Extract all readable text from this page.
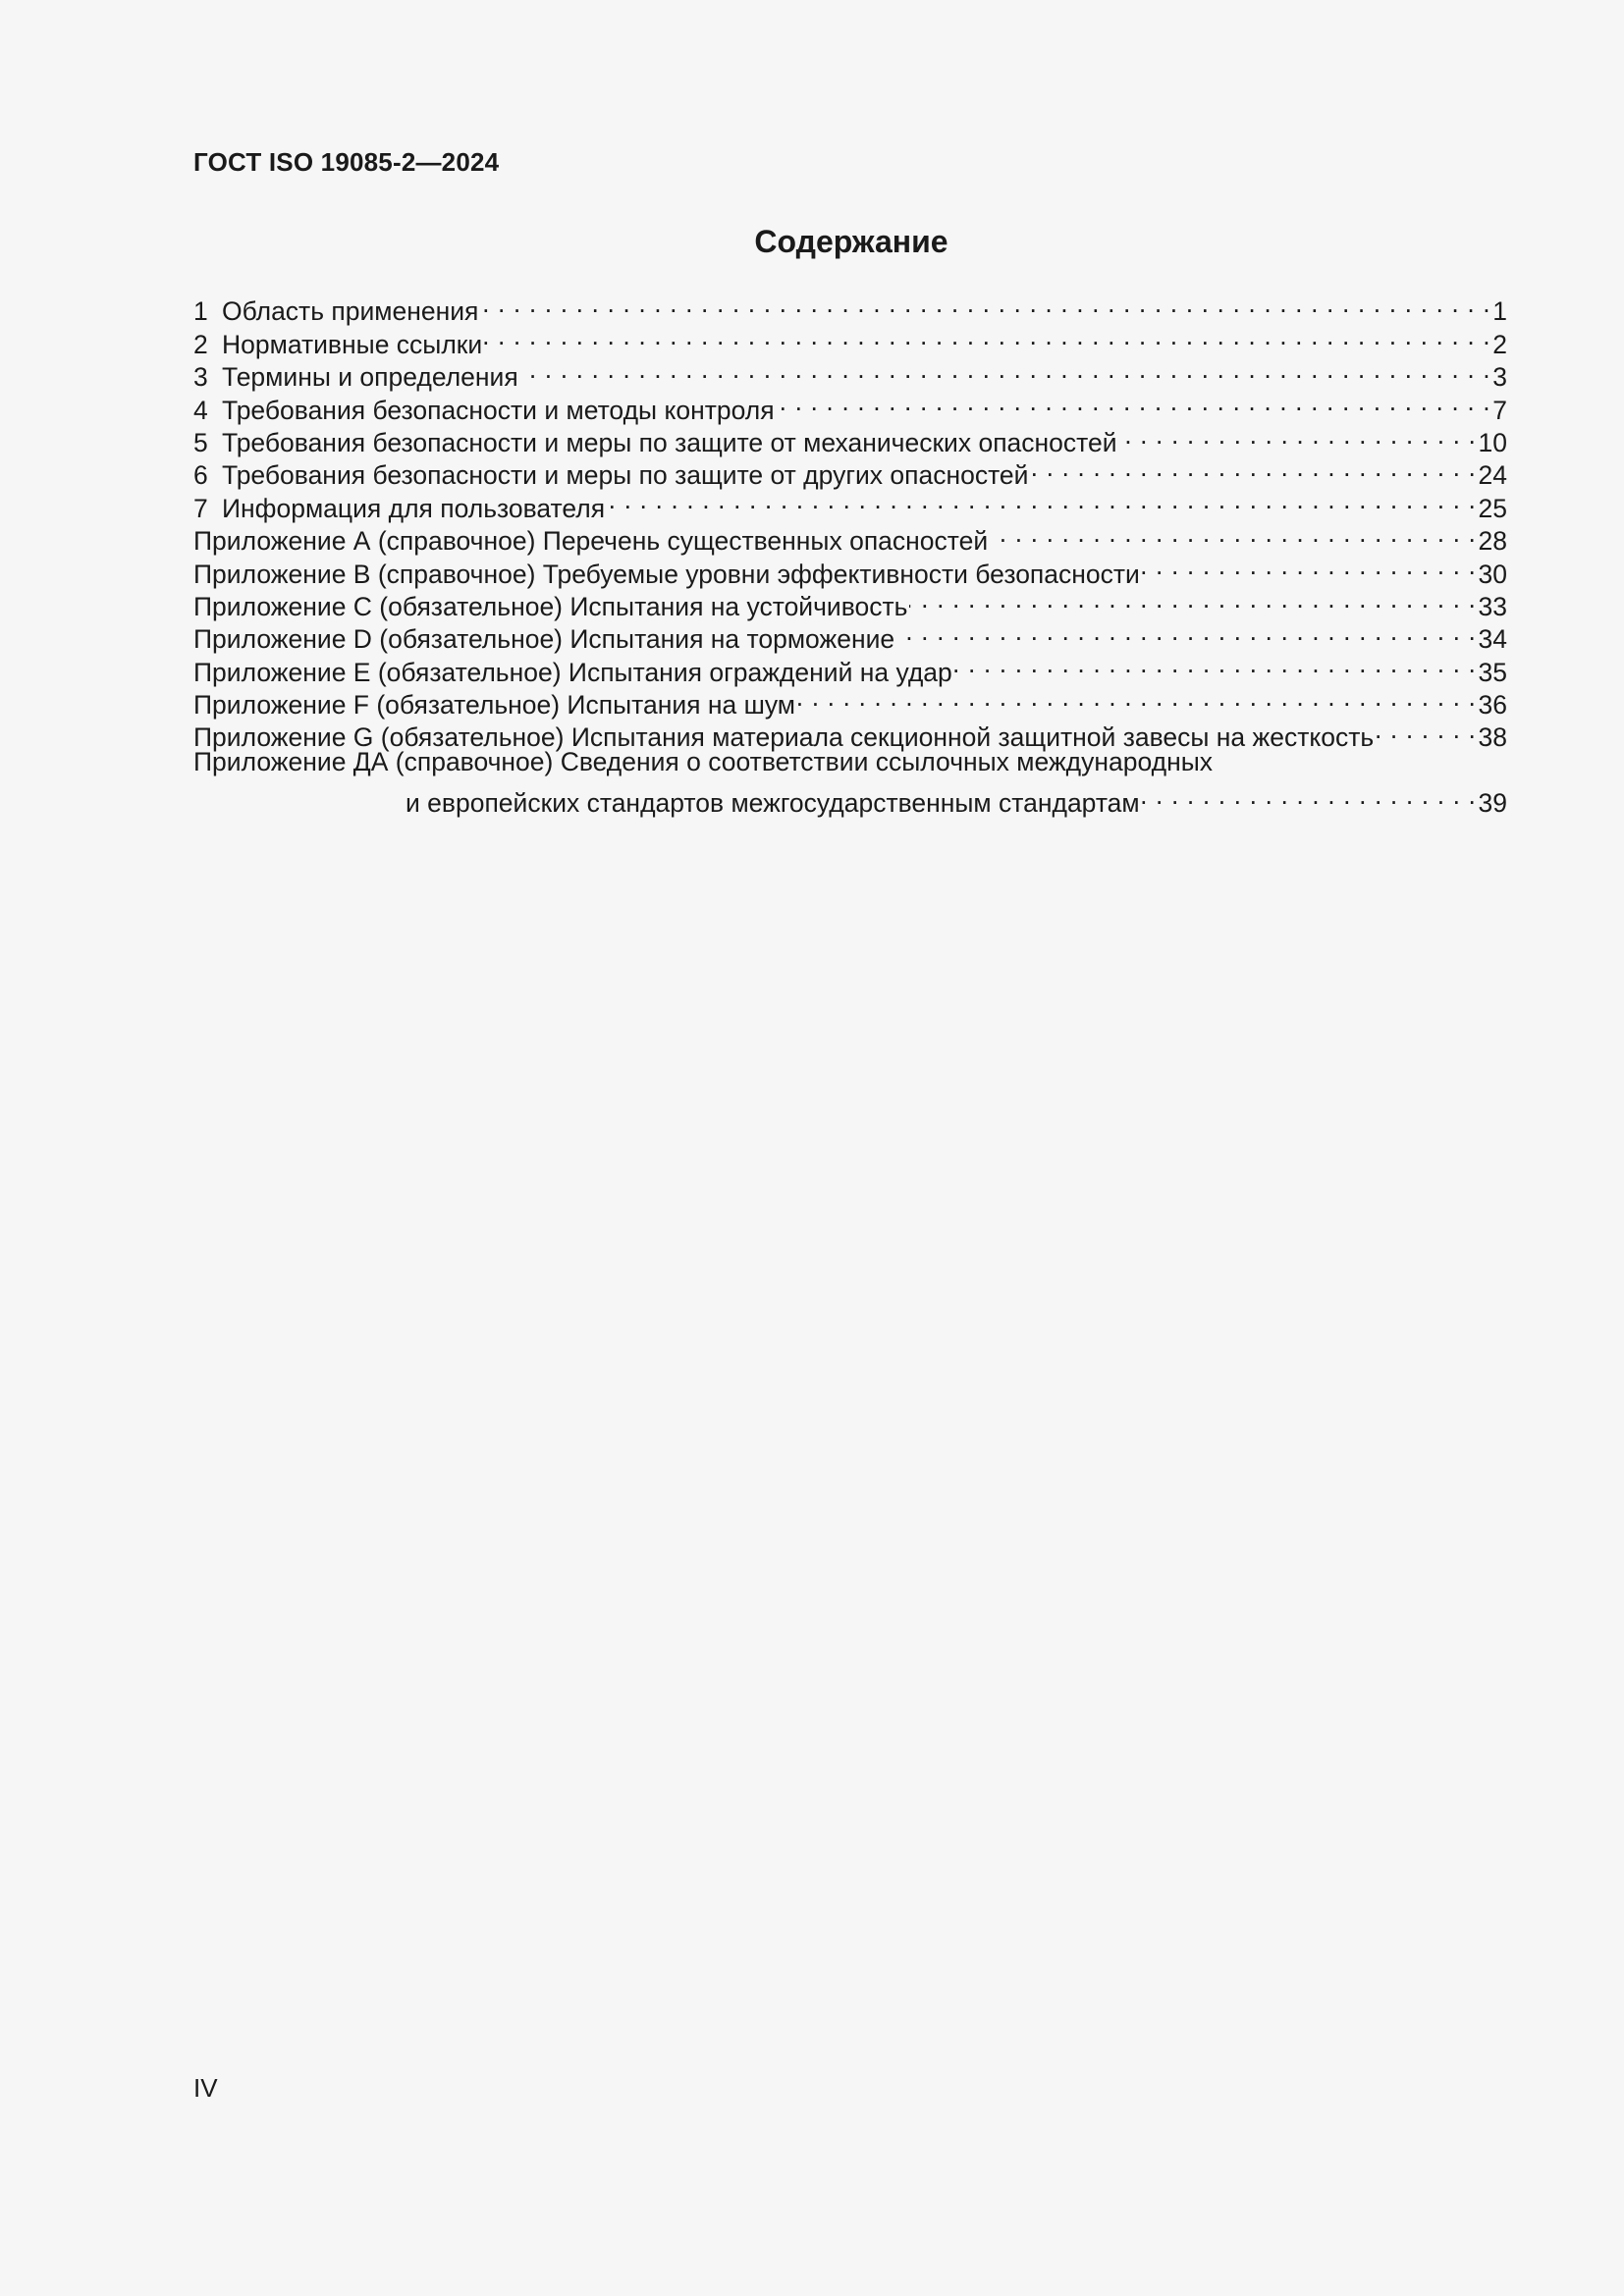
ГОСТ ISO 19085-2—2024
Содержание
1 Область применения . . .	1
2 Нормативные ссылки . . .	2
3 Термины и определения . . .	3
4 Требования безопасности и методы контроля . . .	7
5 Требования безопасности и меры по защите от механических опасностей . . .	10
6 Требования безопасности и меры по защите от других опасностей . . .	24
7 Информация для пользователя . . .	25
Приложение А (справочное) Перечень существенных опасностей . . .	28
Приложение В (справочное) Требуемые уровни эффективности безопасности . . .	30
Приложение С (обязательное) Испытания на устойчивость . . .	33
Приложение D (обязательное) Испытания на торможение . . .	34
Приложение Е (обязательное) Испытания ограждений на удар . . .	35
Приложение F (обязательное) Испытания на шум . . .	36
Приложение G (обязательное) Испытания материала секционной защитной завесы на жесткость . . .	38
Приложение ДА (справочное) Сведения о соответствии ссылочных международных
и европейских стандартов межгосударственным стандартам . . .	39
IV
